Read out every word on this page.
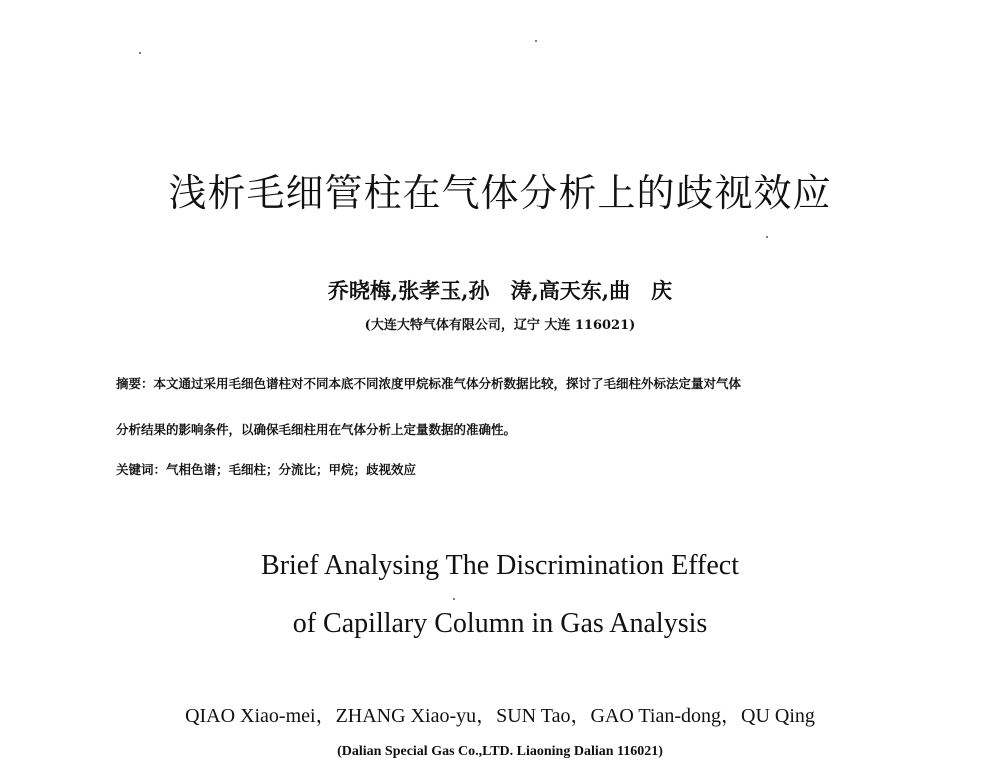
浅析毛细管柱在气体分析上的歧视效应
乔晓梅,张孝玉,孙　涛,高天东,曲　庆
(大连大特气体有限公司，辽宁 大连 116021)
摘要：本文通过采用毛细色谱柱对不同本底不同浓度甲烷标准气体分析数据比较，探讨了毛细柱外标法定量对气体
分析结果的影响条件，以确保毛细柱用在气体分析上定量数据的准确性。
关键词：气相色谱；毛细柱；分流比；甲烷；歧视效应
Brief Analysing The Discrimination Effect
of Capillary Column in Gas Analysis
QIAO Xiao-mei，ZHANG Xiao-yu，SUN Tao，GAO Tian-dong，QU Qing
(Dalian Special Gas Co.,LTD. Liaoning Dalian 116021)
